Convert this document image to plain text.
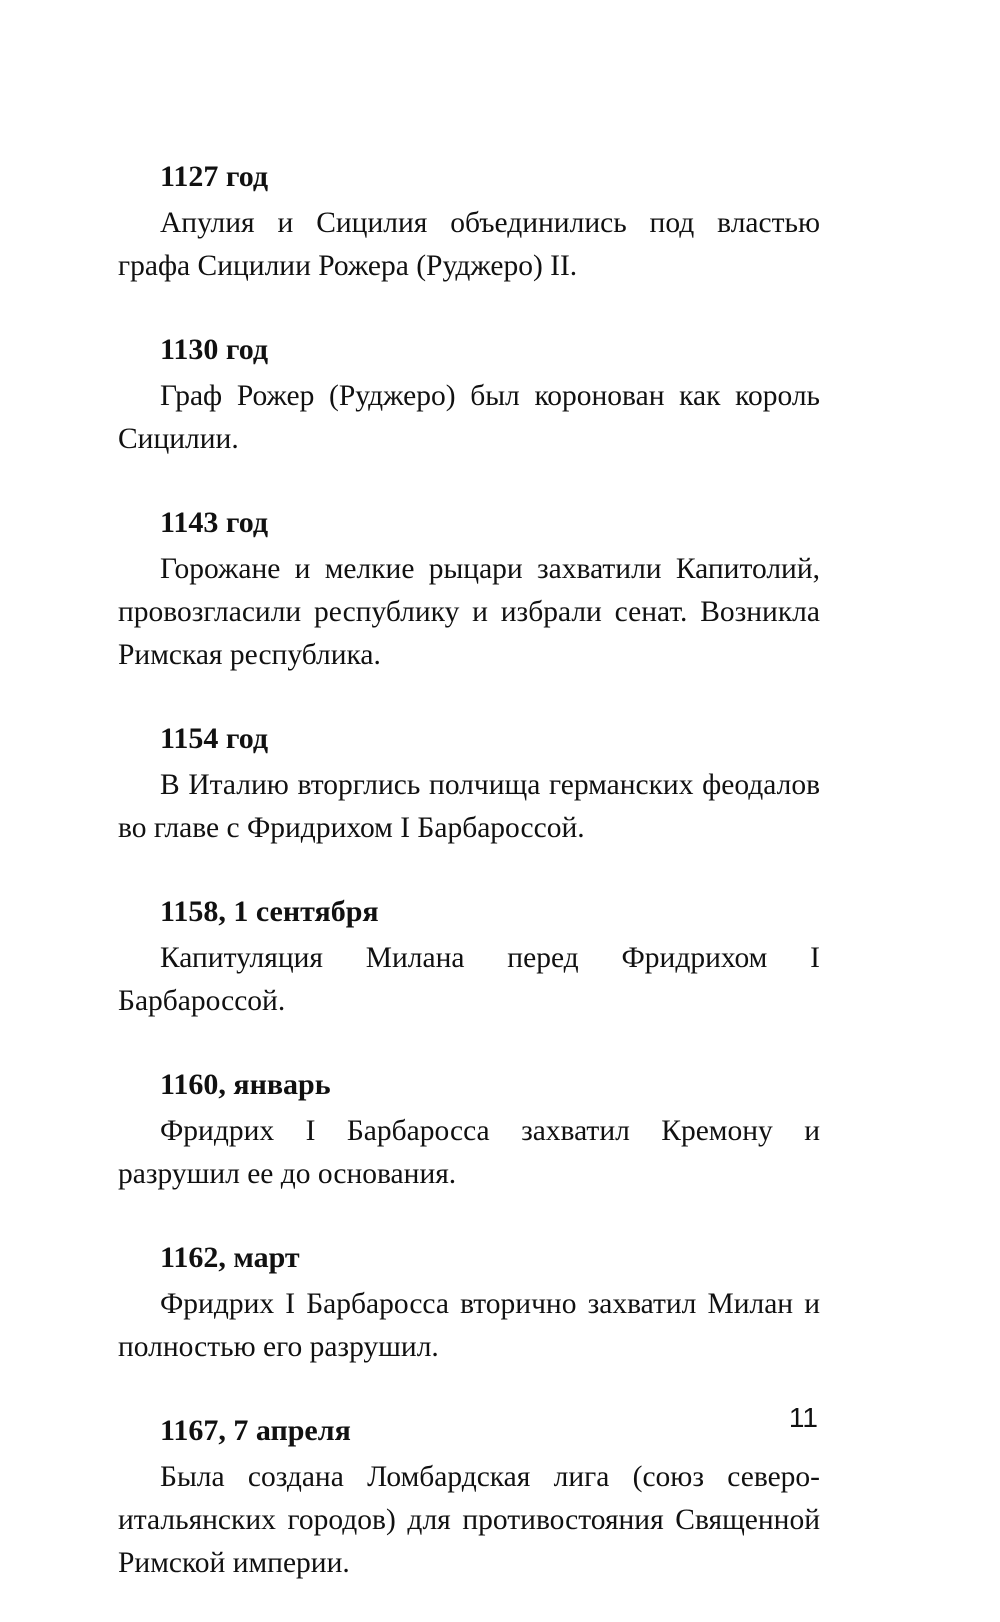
1127 год

Апулия и Сицилия объединились под властью графа Сицилии Рожера (Руджеро) II.

1130 год

Граф Рожер (Руджеро) был коронован как король Сицилии.

1143 год

Горожане и мелкие рыцари захватили Капитолий, провозгласили республику и избрали сенат. Возникла Римская республика.

1154 год

В Италию вторглись полчища германских феодалов во главе с Фридрихом I Барбароссой.

1158, 1 сентября

Капитуляция Милана перед Фридрихом I Барбароссой.

1160, январь

Фридрих I Барбаросса захватил Кремону и разрушил ее до основания.

1162, март

Фридрих I Барбаросса вторично захватил Милан и полностью его разрушил.

1167, 7 апреля

Была создана Ломбардская лига (союз северо-итальянских городов) для противостояния Священной Римской империи.

11
